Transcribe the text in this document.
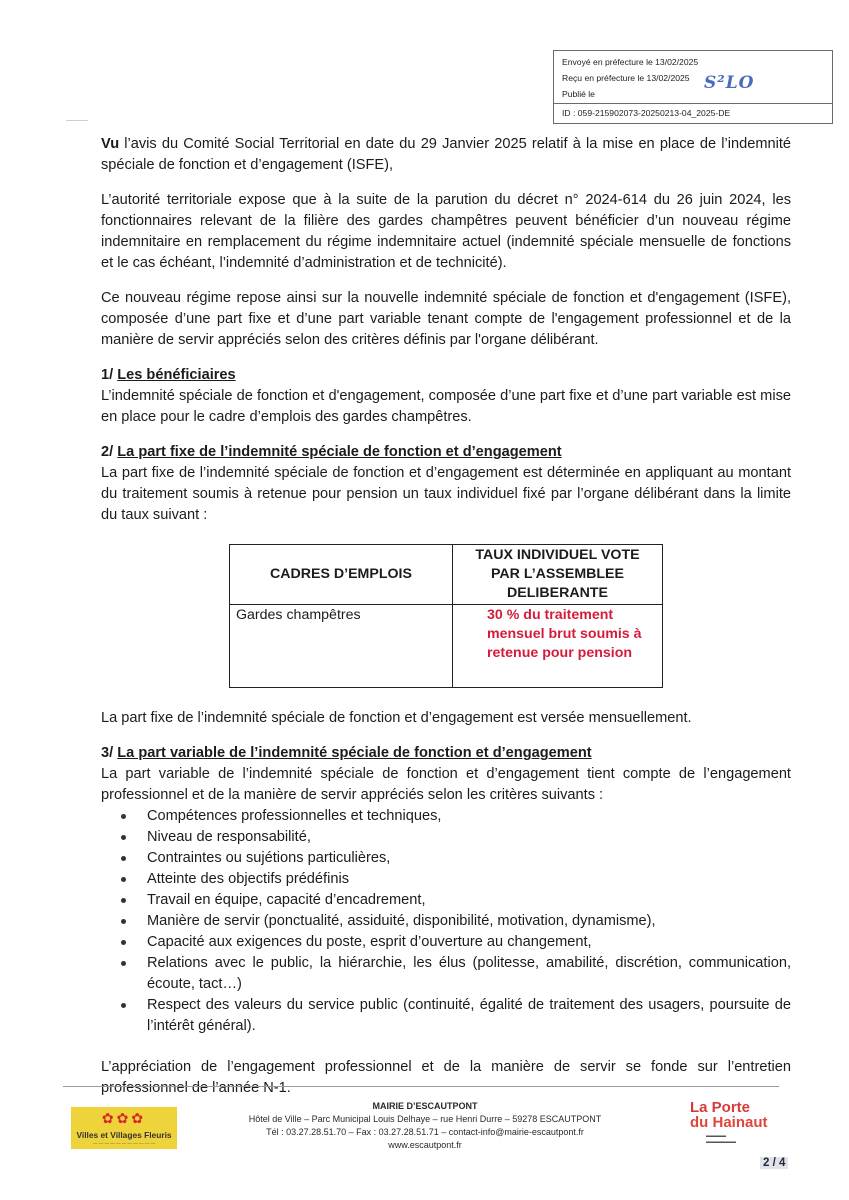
Envoyé en préfecture le 13/02/2025
Reçu en préfecture le 13/02/2025
Publié le
ID : 059-215902073-20250213-04_2025-DE
S²LO

Vu l’avis du Comité Social Territorial en date du 29 Janvier 2025 relatif à la mise en place de l’indemnité spéciale de fonction et d’engagement (ISFE),

L’autorité territoriale expose que à la suite de la parution du décret n° 2024-614 du 26 juin 2024, les fonctionnaires relevant de la filière des gardes champêtres peuvent bénéficier d’un nouveau régime indemnitaire en remplacement du régime indemnitaire actuel (indemnité spéciale mensuelle de fonctions et le cas échéant, l’indemnité d’administration et de technicité).

Ce nouveau régime repose ainsi sur la nouvelle indemnité spéciale de fonction et d'engagement (ISFE), composée d’une part fixe et d’une part variable tenant compte de l'engagement professionnel et de la manière de servir appréciés selon des critères définis par l'organe délibérant.

1/ Les bénéficiaires

L’indemnité spéciale de fonction et d'engagement, composée d’une part fixe et d’une part variable est mise en place pour le cadre d’emplois des gardes champêtres.

2/ La part fixe de l’indemnité spéciale de fonction et d’engagement

La part fixe de l’indemnité spéciale de fonction et d’engagement est déterminée en appliquant au montant du traitement soumis à retenue pour pension un taux individuel fixé par l’organe délibérant dans la limite du taux suivant :

CADRES D’EMPLOIS	TAUX INDIVIDUEL VOTE PAR L’ASSEMBLEE DELIBERANTE
Gardes champêtres	30 % du traitement mensuel brut soumis à retenue pour pension

La part fixe de l’indemnité spéciale de fonction et d’engagement est versée mensuellement.

3/ La part variable de l’indemnité spéciale de fonction et d’engagement

La part variable de l’indemnité spéciale de fonction et d’engagement tient compte de l’engagement professionnel et de la manière de servir appréciés selon les critères suivants :

Compétences professionnelles et techniques,
Niveau de responsabilité,
Contraintes ou sujétions particulières,
Atteinte des objectifs prédéfinis
Travail en équipe, capacité d’encadrement,
Manière de servir (ponctualité, assiduité, disponibilité, motivation, dynamisme),
Capacité aux exigences du poste, esprit d’ouverture au changement,
Relations avec le public, la hiérarchie, les élus (politesse, amabilité, discrétion, communication, écoute, tact…)
Respect des valeurs du service public (continuité, égalité de traitement des usagers, poursuite de l’intérêt général).

L’appréciation de l’engagement professionnel et de la manière de servir se fonde sur l’entretien professionnel de l’année N-1.

✿✿✿
Villes et Villages Fleuris
— — — — — — — — — — —
MAIRIE D’ESCAUTPONT
Hôtel de Ville – Parc Municipal Louis Delhaye – rue Henri Durre – 59278 ESCAUTPONT
Tél : 03.27.28.51.70 – Fax : 03.27.28.51.71 – contact-info@mairie-escautpont.fr
www.escautpont.fr
La Porte
du Hainaut
▬▬▬▬
▬▬▬▬▬▬
2 / 4
